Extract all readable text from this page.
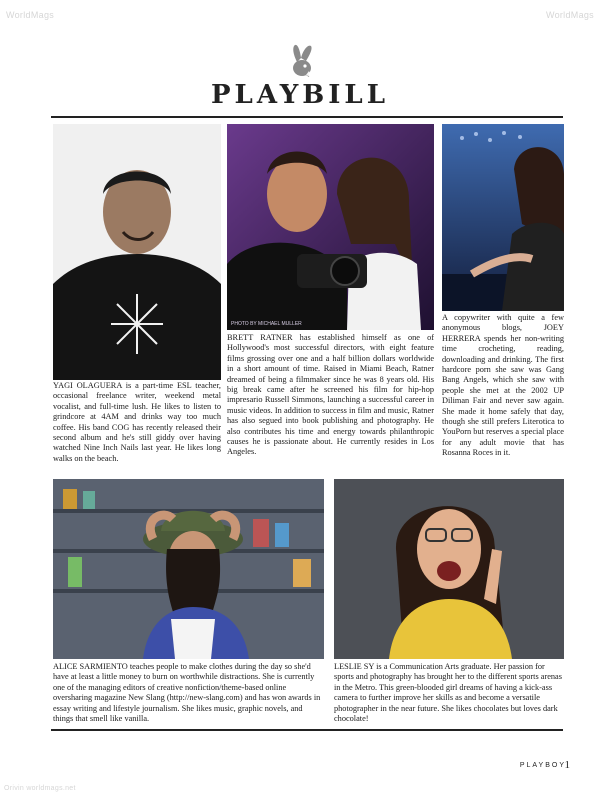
WorldMags	WorldMags
Orivin worldmags.net
PLAYBILL
PHOTO BY MICHAEL MULLER
YAGI OLAGUERA is a part-time ESL teacher, occasional freelance writer, weekend metal vocalist, and full-time lush. He likes to listen to grindcore at 4AM and drinks way too much coffee. His band COG has recently released their second album and he's still giddy over having watched Nine Inch Nails last year. He likes long walks on the beach.
BRETT RATNER has established himself as one of Hollywood's most successful directors, with eight feature films grossing over one and a half billion dollars worldwide in a short amount of time. Raised in Miami Beach, Ratner dreamed of being a filmmaker since he was 8 years old. His big break came after he screened his film for hip-hop impresario Russell Simmons, launching a successful career in music videos. In addition to success in film and music, Ratner has also segued into book publishing and photography. He also contributes his time and energy towards philanthropic causes he is passionate about. He currently resides in Los Angeles.
A copywriter with quite a few anonymous blogs, JOEY HERRERA spends her non-writing time crocheting, reading, downloading and drinking. The first hardcore porn she saw was Gang Bang Angels, which she saw with people she met at the 2002 UP Diliman Fair and never saw again. She made it home safely that day, though she still prefers Literotica to YouPorn but reserves a special place for any adult movie that has Rosanna Roces in it.
ALICE SARMIENTO teaches people to make clothes during the day so she'd have at least a little money to burn on worthwhile distractions. She is currently one of the managing editors of creative nonfiction/theme-based online oversharing magazine New Slang (http://new-slang.com) and has won awards in essay writing and lifestyle journalism. She likes music, graphic novels, and things that smell like vanilla.
LESLIE SY is a Communication Arts graduate. Her passion for sports and photography has brought her to the different sports arenas in the Metro. This green-blooded girl dreams of having a kick-ass camera to further improve her skills as and become a versatile photographer in the near future. She likes chocolates but loves dark chocolate!
PLAYBOY
1
